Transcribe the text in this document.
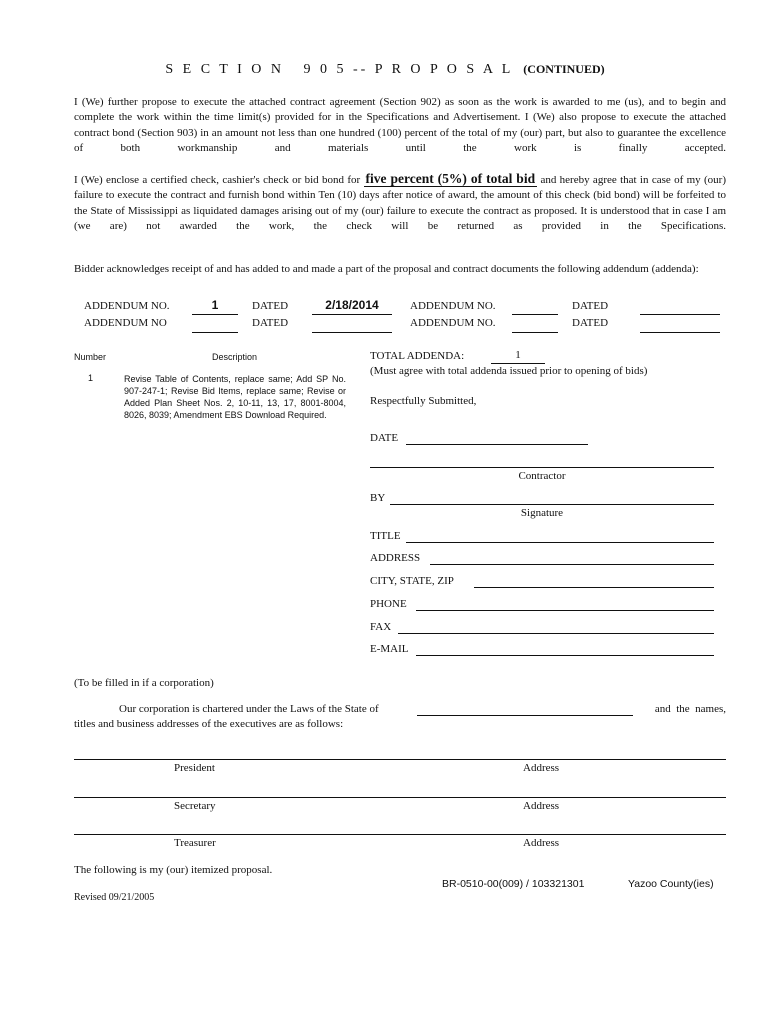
S E C T I O N   9 0 5 -- P R O P O S A L (CONTINUED)
I (We) further propose to execute the attached contract agreement (Section 902) as soon as the work is awarded to me (us), and to begin and complete the work within the time limit(s) provided for in the Specifications and Advertisement. I (We) also propose to execute the attached contract bond (Section 903) in an amount not less than one hundred (100) percent of the total of my (our) part, but also to guarantee the excellence of both workmanship and materials until the work is finally accepted.
I (We) enclose a certified check, cashier's check or bid bond for five percent (5%) of total bid and hereby agree that in case of my (our) failure to execute the contract and furnish bond within Ten (10) days after notice of award, the amount of this check (bid bond) will be forfeited to the State of Mississippi as liquidated damages arising out of my (our) failure to execute the contract as proposed. It is understood that in case I am (we are) not awarded the work, the check will be returned as provided in the Specifications.
Bidder acknowledges receipt of and has added to and made a part of the proposal and contract documents the following addendum (addenda):
ADDENDUM NO.	1	DATED	2/18/2014	ADDENDUM NO.	DATED
ADDENDUM NO	DATED	ADDENDUM NO.	DATED
Number	Description
1	Revise Table of Contents, replace same; Add SP No. 907-247-1; Revise Bid Items, replace same; Revise or Added Plan Sheet Nos. 2, 10-11, 13, 17, 8001-8004, 8026, 8039; Amendment EBS Download Required.
TOTAL ADDENDA:	1
(Must agree with total addenda issued prior to opening of bids)
Respectfully Submitted,
DATE
Contractor
BY
Signature
TITLE
ADDRESS
CITY, STATE, ZIP
PHONE
FAX
E-MAIL
(To be filled in if a corporation)
Our corporation is chartered under the Laws of the State of	and  the  names,
titles and business addresses of the executives are as follows:
President	Address
Secretary	Address
Treasurer	Address
The following is my (our) itemized proposal.
BR-0510-00(009) / 103321301	Yazoo County(ies)
Revised 09/21/2005
